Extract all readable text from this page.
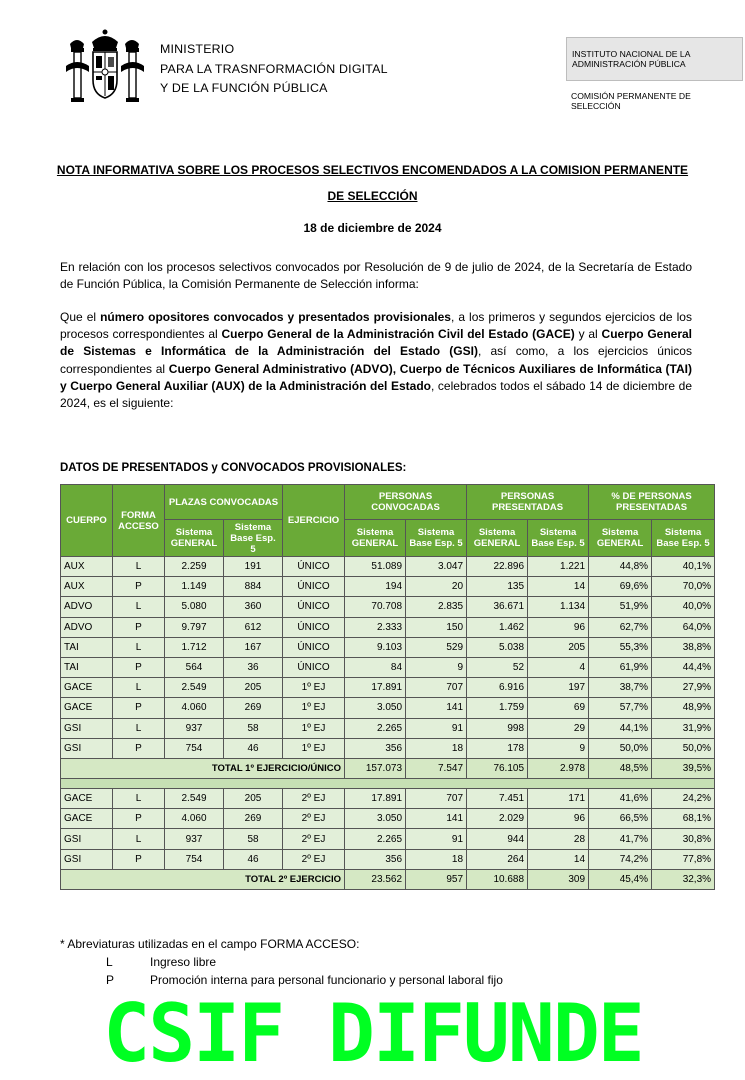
MINISTERIO
PARA LA TRASNFORMACIÓN DIGITAL
Y DE LA FUNCIÓN PÚBLICA
INSTITUTO NACIONAL DE LA
ADMINISTRACIÓN PÚBLICA
COMISIÓN PERMANENTE DE
SELECCIÓN
NOTA INFORMATIVA SOBRE LOS PROCESOS SELECTIVOS ENCOMENDADOS A LA COMISION PERMANENTE
DE SELECCIÓN
18 de diciembre de 2024
En relación con los procesos selectivos convocados por Resolución de 9 de julio de 2024, de la Secretaría de Estado de Función Pública, la Comisión Permanente de Selección informa:
Que el número opositores convocados y presentados provisionales, a los primeros y segundos ejercicios de los procesos correspondientes al Cuerpo General de la Administración Civil del Estado (GACE) y al Cuerpo General de Sistemas e Informática de la Administración del Estado (GSI), así como, a los ejercicios únicos correspondientes al Cuerpo General Administrativo (ADVO), Cuerpo de Técnicos Auxiliares de Informática (TAI) y Cuerpo General Auxiliar (AUX) de la Administración del Estado, celebrados todos el sábado 14 de diciembre de 2024, es el siguiente:
DATOS DE PRESENTADOS y CONVOCADOS PROVISIONALES:
CUERPO	FORMA ACCESO	PLAZAS CONVOCADAS		EJERCICIO	PERSONAS CONVOCADAS		PERSONAS PRESENTADAS		% DE PERSONAS PRESENTADAS	
		Sistema GENERAL	Sistema Base Esp. 5		Sistema GENERAL	Sistema Base Esp. 5	Sistema GENERAL	Sistema Base Esp. 5	Sistema GENERAL	Sistema Base Esp. 5
AUX	L	2.259	191	ÚNICO	51.089	3.047	22.896	1.221	44,8%	40,1%
AUX	P	1.149	884	ÚNICO	194	20	135	14	69,6%	70,0%
ADVO	L	5.080	360	ÚNICO	70.708	2.835	36.671	1.134	51,9%	40,0%
ADVO	P	9.797	612	ÚNICO	2.333	150	1.462	96	62,7%	64,0%
TAI	L	1.712	167	ÚNICO	9.103	529	5.038	205	55,3%	38,8%
TAI	P	564	36	ÚNICO	84	9	52	4	61,9%	44,4%
GACE	L	2.549	205	1º EJ	17.891	707	6.916	197	38,7%	27,9%
GACE	P	4.060	269	1º EJ	3.050	141	1.759	69	57,7%	48,9%
GSI	L	937	58	1º EJ	2.265	91	998	29	44,1%	31,9%
GSI	P	754	46	1º EJ	356	18	178	9	50,0%	50,0%
TOTAL 1º EJERCICIO/ÚNICO					157.073	7.547	76.105	2.978	48,5%	39,5%

GACE	L	2.549	205	2º EJ	17.891	707	7.451	171	41,6%	24,2%
GACE	P	4.060	269	2º EJ	3.050	141	2.029	96	66,5%	68,1%
GSI	L	937	58	2º EJ	2.265	91	944	28	41,7%	30,8%
GSI	P	754	46	2º EJ	356	18	264	14	74,2%	77,8%
TOTAL 2º EJERCICIO					23.562	957	10.688	309	45,4%	32,3%
* Abreviaturas utilizadas en el campo FORMA ACCESO:
L	Ingreso libre
P	Promoción interna para personal funcionario y personal laboral fijo
CSIF DIFUNDE
